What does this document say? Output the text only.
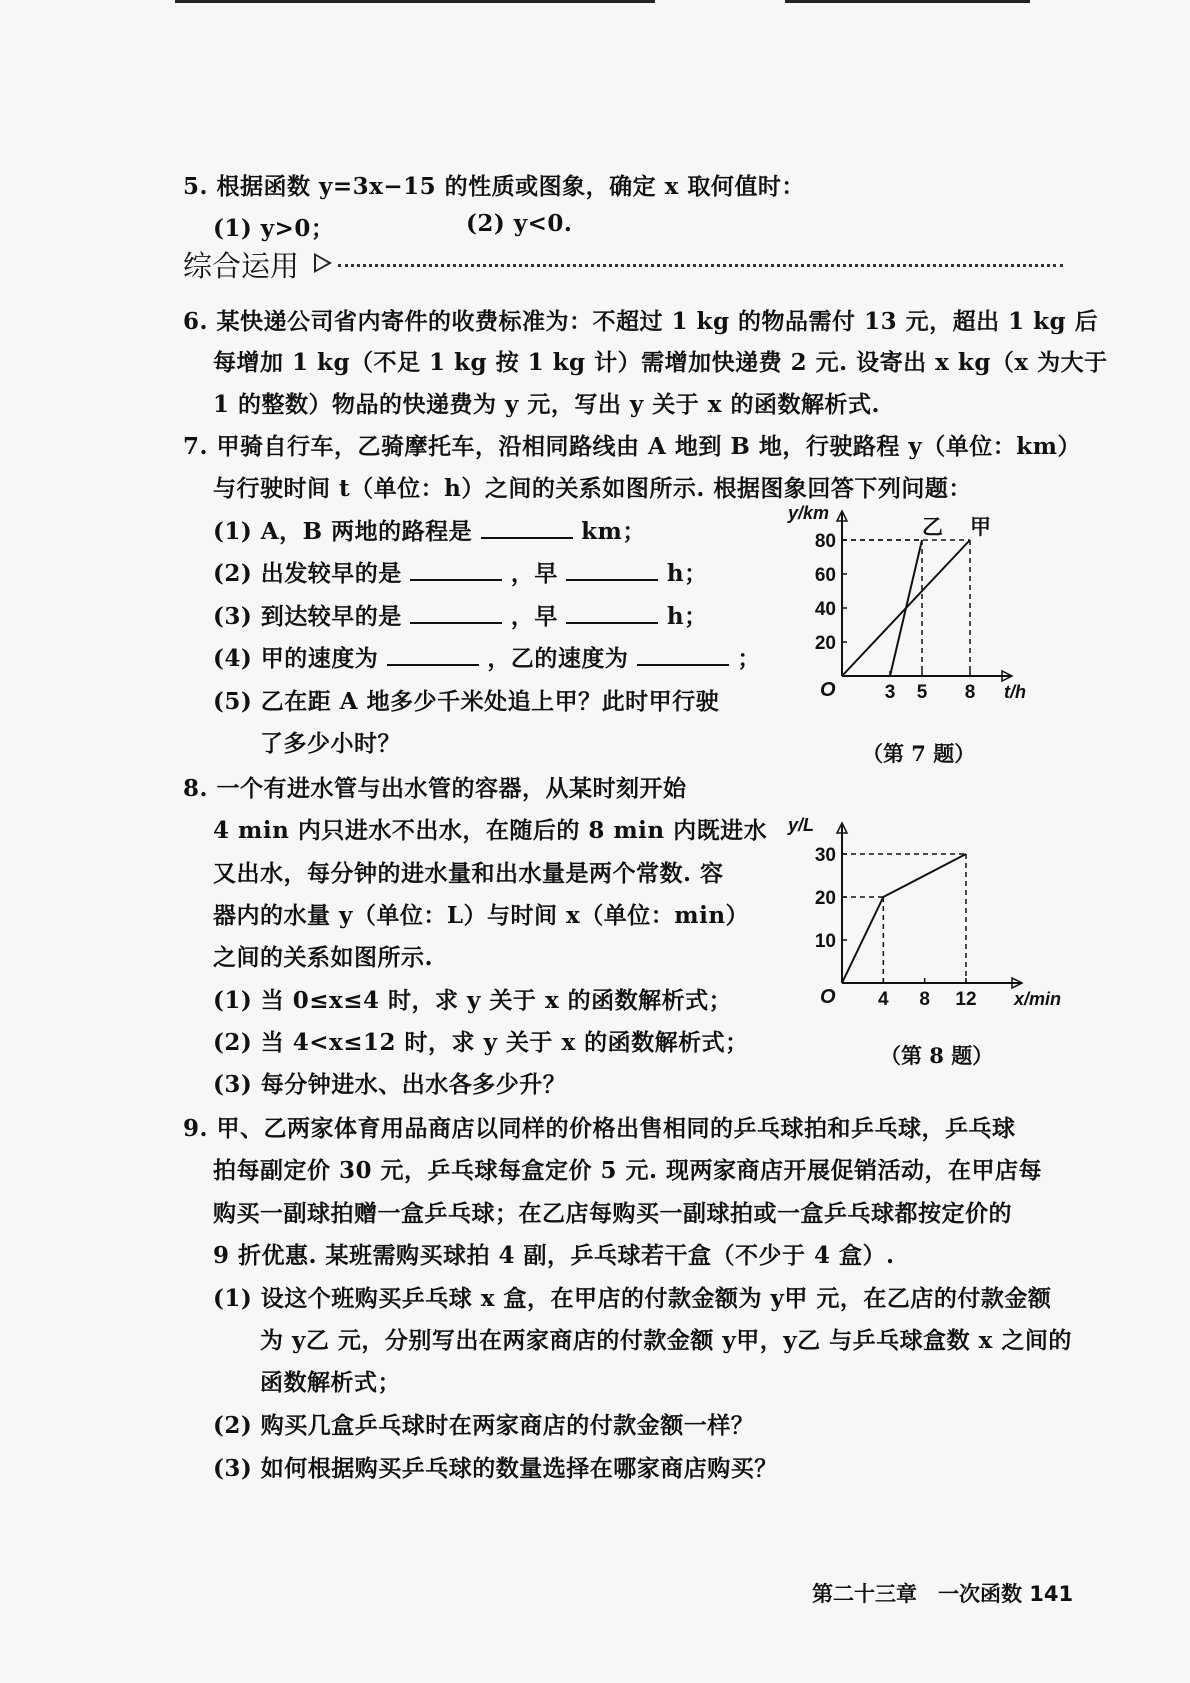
5. 根据函数 y=3x−15 的性质或图象，确定 x 取何值时：
(1) y>0；	(2) y<0.
综合运用
6. 某快递公司省内寄件的收费标准为：不超过 1 kg 的物品需付 13 元，超出 1 kg 后
每增加 1 kg（不足 1 kg 按 1 kg 计）需增加快递费 2 元. 设寄出 x kg（x 为大于
1 的整数）物品的快递费为 y 元，写出 y 关于 x 的函数解析式.
7. 甲骑自行车，乙骑摩托车，沿相同路线由 A 地到 B 地，行驶路程 y（单位：km）
与行驶时间 t（单位：h）之间的关系如图所示. 根据图象回答下列问题：
(1) A，B 两地的路程是	km；
(2) 出发较早的是	，早	h；
(3) 到达较早的是	，早	h；
(4) 甲的速度为	，乙的速度为	；
(5) 乙在距 A 地多少千米处追上甲？此时甲行驶
了多少小时？
O	t/h
y/km
3 5 8
20
40
60
80
甲
乙
（第 7 题）
8. 一个有进水管与出水管的容器，从某时刻开始
4 min 内只进水不出水，在随后的 8 min 内既进水
又出水，每分钟的进水量和出水量是两个常数. 容
器内的水量 y（单位：L）与时间 x（单位：min）
之间的关系如图所示.
(1) 当 0≤x≤4 时，求 y 关于 x 的函数解析式；
(2) 当 4<x≤12 时，求 y 关于 x 的函数解析式；
(3) 每分钟进水、出水各多少升？
O	x/min
y/L
4 8 12
10
20
30
（第 8 题）
9. 甲、乙两家体育用品商店以同样的价格出售相同的乒乓球拍和乒乓球，乒乓球
拍每副定价 30 元，乒乓球每盒定价 5 元. 现两家商店开展促销活动，在甲店每
购买一副球拍赠一盒乒乓球；在乙店每购买一副球拍或一盒乒乓球都按定价的
9 折优惠. 某班需购买球拍 4 副，乒乓球若干盒（不少于 4 盒）.
(1) 设这个班购买乒乓球 x 盒，在甲店的付款金额为 y甲 元，在乙店的付款金额
为 y乙 元，分别写出在两家商店的付款金额 y甲，y乙 与乒乓球盒数 x 之间的
函数解析式；
(2) 购买几盒乒乓球时在两家商店的付款金额一样？
(3) 如何根据购买乒乓球的数量选择在哪家商店购买？
第二十三章　一次函数 141
